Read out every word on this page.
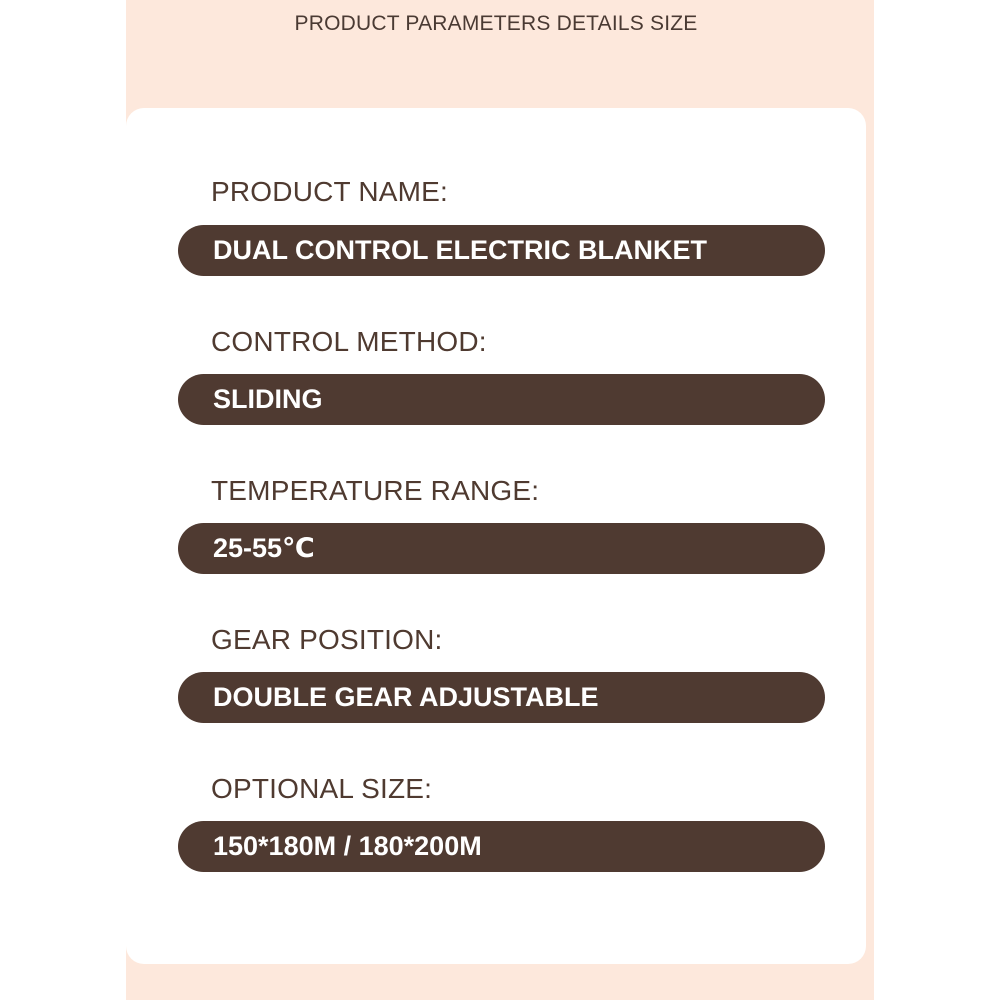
PRODUCT PARAMETERS DETAILS SIZE
PRODUCT NAME:
DUAL CONTROL ELECTRIC BLANKET
CONTROL METHOD:
SLIDING
TEMPERATURE RANGE:
25-55℃
GEAR POSITION:
DOUBLE GEAR ADJUSTABLE
OPTIONAL SIZE:
150*180M / 180*200M
